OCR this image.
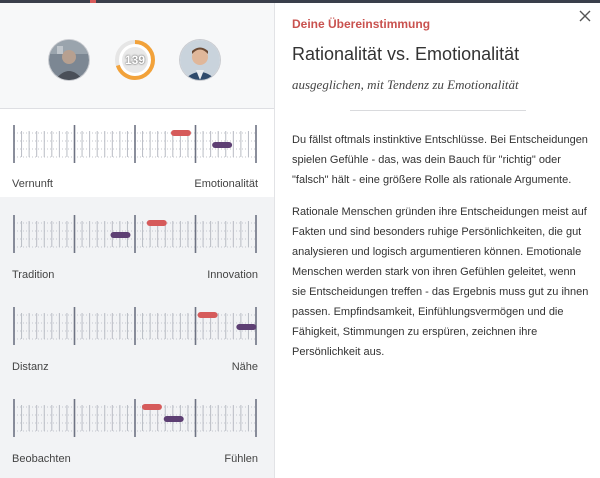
139
Vernunft	Emotionalität
Tradition	Innovation
Distanz	Nähe
Beobachten	Fühlen
Deine Übereinstimmung
Rationalität vs. Emotionalität
ausgeglichen, mit Tendenz zu Emotionalität

Du fällst oftmals instinktive Entschlüsse. Bei Entscheidungen spielen Gefühle - das, was dein Bauch für "richtig" oder "falsch" hält - eine größere Rolle als rationale Argumente.

Rationale Menschen gründen ihre Entscheidungen meist auf Fakten und sind besonders ruhige Persönlichkeiten, die gut analysieren und logisch argumentieren können. Emotionale Menschen werden stark von ihren Gefühlen geleitet, wenn sie Entscheidungen treffen - das Ergebnis muss gut zu ihnen passen. Empfindsamkeit, Einfühlungsvermögen und die Fähigkeit, Stimmungen zu erspüren, zeichnen ihre Persönlichkeit aus.
